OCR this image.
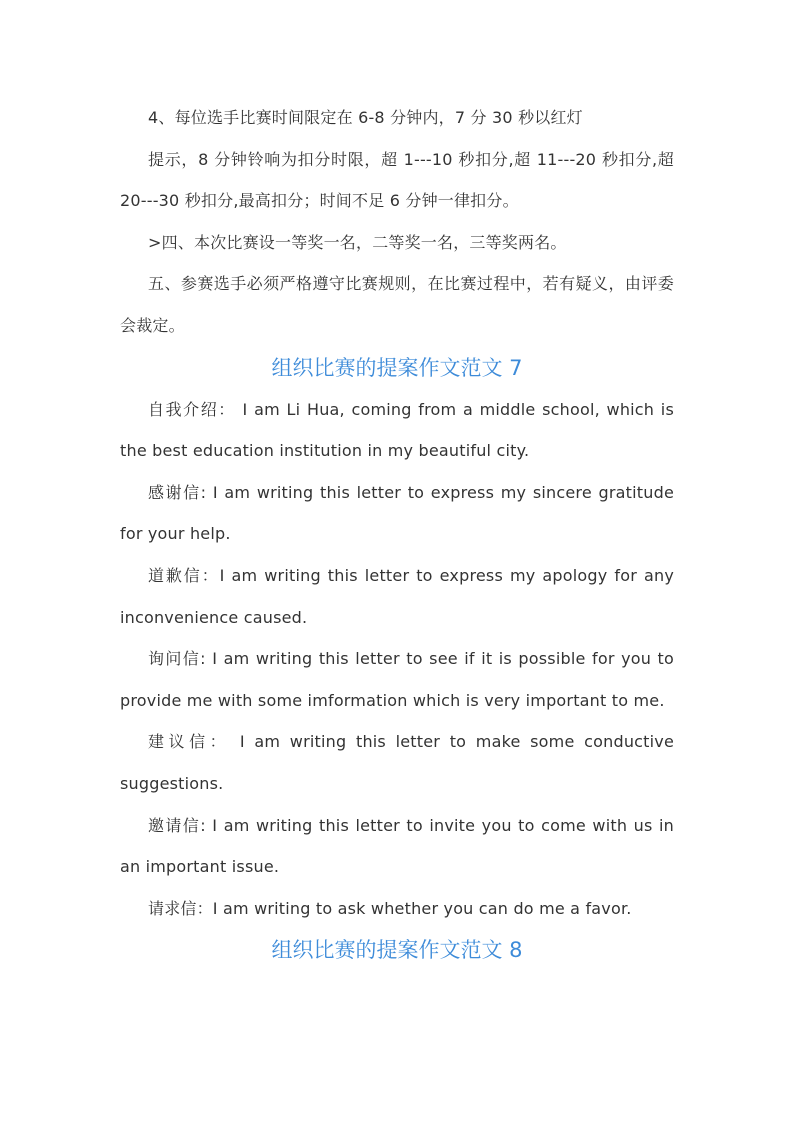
4、每位选手比赛时间限定在 6-8 分钟内，7 分 30 秒以红灯

提示，8 分钟铃响为扣分时限，超 1---10 秒扣分,超 11---20 秒扣分,超 20---30 秒扣分,最高扣分；时间不足 6 分钟一律扣分。

>四、本次比赛设一等奖一名，二等奖一名，三等奖两名。

五、参赛选手必须严格遵守比赛规则，在比赛过程中，若有疑义，由评委会裁定。

组织比赛的提案作文范文 7

自我介绍： I am Li Hua, coming from a middle school, which is the best education institution in my beautiful city.

感谢信: I am writing this letter to express my sincere gratitude for your help.

道歉信：I am writing this letter to express my apology for any inconvenience caused.

询问信: I am writing this letter to see if it is possible for you to provide me with some imformation which is very important to me.

建议信： I am writing this letter to make some conductive suggestions.

邀请信: I am writing this letter to invite you to come with us in an important issue.

请求信：I am writing to ask whether you can do me a favor.

组织比赛的提案作文范文 8
